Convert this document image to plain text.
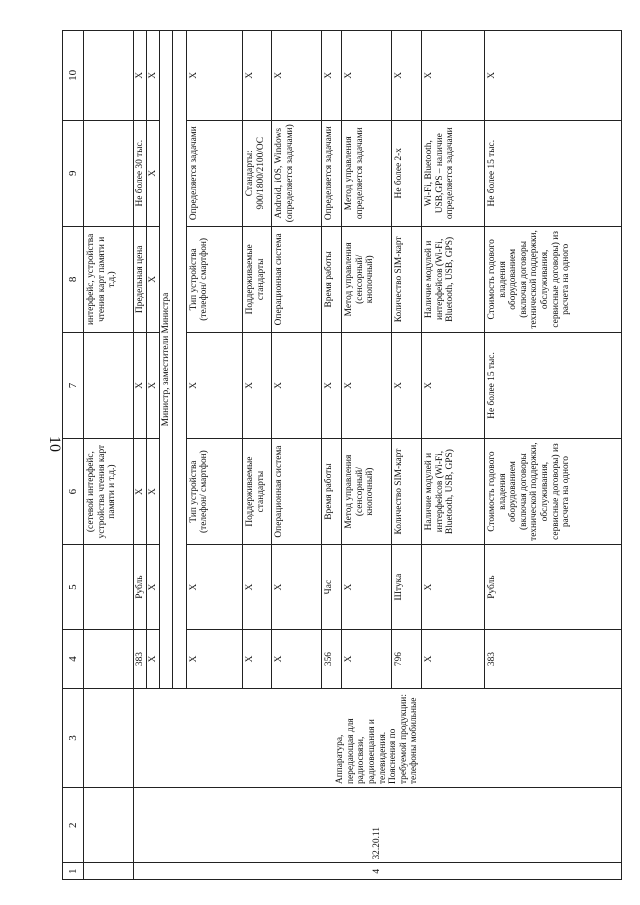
10
1	2	3	4	5	6	7	8	9	10
					(сетевой интерфейс, устройства чтения карт памяти и т.д.)		интерфейс, устройства чтения карт памяти и т.д.)		
4	32.20.11	Аппаратура, передающая для радиосвязи, радиовещания и телевидения. Пояснения по требуемой продукции: телефоны мобильные	383	Рубль	X	X	Предельная цена	Не более 30 тыс.	X
			X	X	X	X	X	X	X
			Министр, заместители Министра						

			X	X	Тип устройства (телефон/ смартфон)	X	Тип устройства (телефон/ смартфон)	Определяется задачами	X
			X	X	Поддерживаемые стандарты	X	Поддерживаемые стандарты	Стандарты: 900/1800/2100/ОС	X
			X	X	Операционная система	X	Операционная система	Android, iOS, Windows (определяется задачами)	X
			356	Час	Время работы	X	Время работы	Определяется задачами	X
			X	X	Метод управления (сенсорный/ кнопочный)	X	Метод управления (сенсорный/ кнопочный)	Метод управления определяется задачами	X
			796	Штука	Количество SIM-карт	X	Количество SIM-карт	Не более 2-х	X
			X	X	Наличие модулей и интерфейсов (Wi-Fi, Bluetooth, USB, GPS)	X	Наличие модулей и интерфейсов (Wi-Fi, Bluetooth, USB, GPS)	Wi-Fi, Bluetooth, USB,GPS – наличие определяется задачами	X
			383	Рубль	Стоимость годового владения оборудованием (включая договоры технической поддержки, обслуживания, сервисные договоры) из расчета на одного	Не более 15 тыс.	Стоимость годового владения оборудованием (включая договоры технической поддержки, обслуживания, сервисные договоры) из расчета на одного	Не более 15 тыс.	X
